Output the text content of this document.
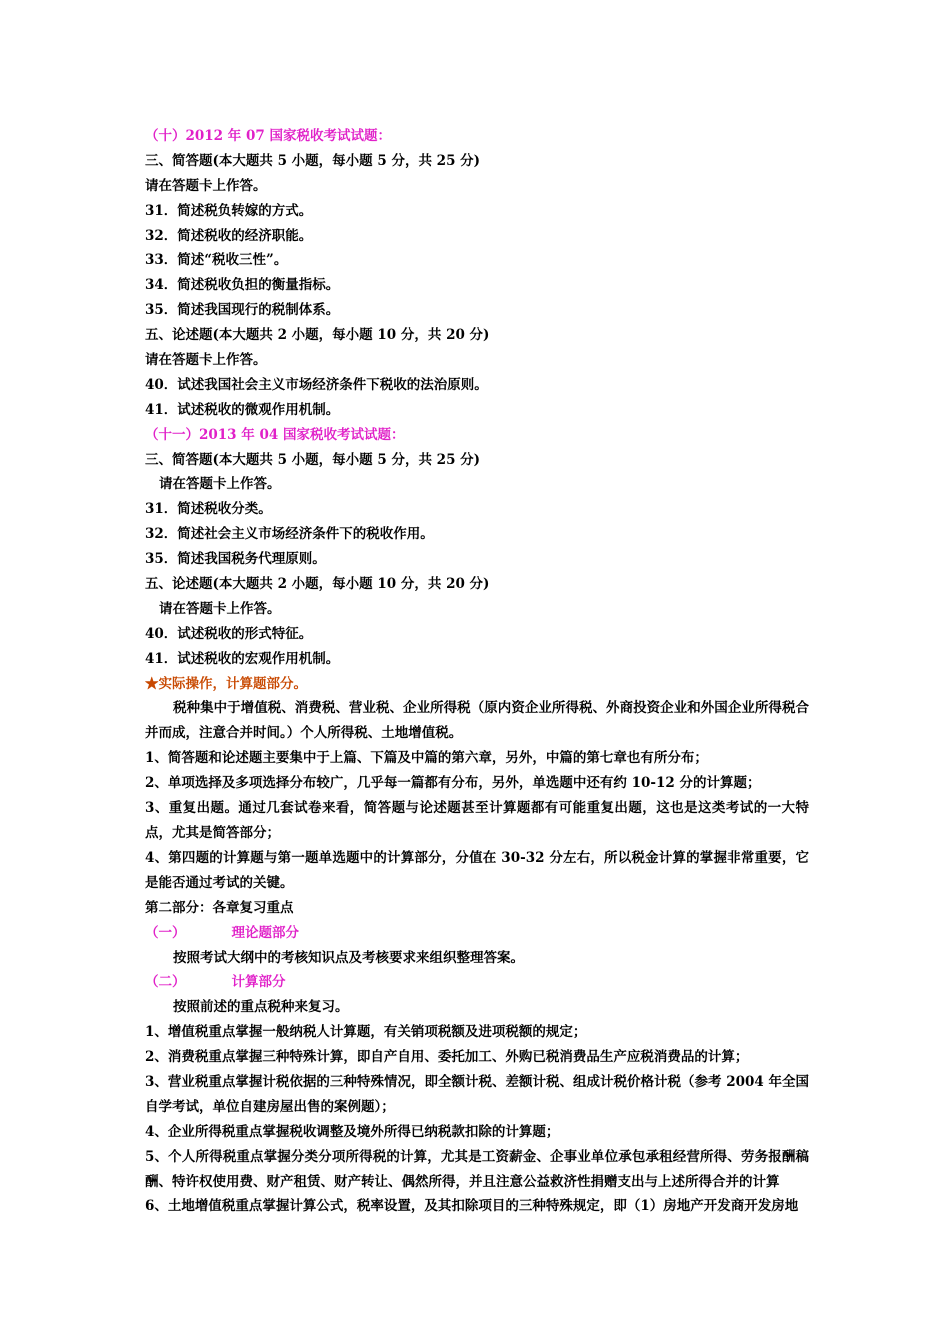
（十）2012 年 07 国家税收考试试题：
三、简答题(本大题共 5 小题，每小题 5 分，共 25 分)
请在答题卡上作答。
31．简述税负转嫁的方式。
32．简述税收的经济职能。
33．简述“税收三性”。
34．简述税收负担的衡量指标。
35．简述我国现行的税制体系。
五、论述题(本大题共 2 小题，每小题 10 分，共 20 分)
请在答题卡上作答。
40．试述我国社会主义市场经济条件下税收的法治原则。
41．试述税收的微观作用机制。
（十一）2013 年 04 国家税收考试试题：
三、简答题(本大题共 5 小题，每小题 5 分，共 25 分)
请在答题卡上作答。
31．简述税收分类。
32．简述社会主义市场经济条件下的税收作用。
35．简述我国税务代理原则。
五、论述题(本大题共 2 小题，每小题 10 分，共 20 分)
请在答题卡上作答。
40．试述税收的形式特征。
41．试述税收的宏观作用机制。
★实际操作，计算题部分。
税种集中于增值税、消费税、营业税、企业所得税（原内资企业所得税、外商投资企业和外国企业所得税合并而成，注意合并时间。）个人所得税、土地增值税。
1、简答题和论述题主要集中于上篇、下篇及中篇的第六章，另外，中篇的第七章也有所分布；
2、单项选择及多项选择分布较广，几乎每一篇都有分布，另外，单选题中还有约 10-12 分的计算题；
3、重复出题。通过几套试卷来看，简答题与论述题甚至计算题都有可能重复出题，这也是这类考试的一大特点，尤其是简答部分；
4、第四题的计算题与第一题单选题中的计算部分，分值在 30-32 分左右，所以税金计算的掌握非常重要，它是能否通过考试的关键。
第二部分：各章复习重点
（一）	理论题部分
按照考试大纲中的考核知识点及考核要求来组织整理答案。
（二）	计算部分
按照前述的重点税种来复习。
1、增值税重点掌握一般纳税人计算题，有关销项税额及进项税额的规定；
2、消费税重点掌握三种特殊计算，即自产自用、委托加工、外购已税消费品生产应税消费品的计算；
3、营业税重点掌握计税依据的三种特殊情况，即全额计税、差额计税、组成计税价格计税（参考 2004 年全国自学考试，单位自建房屋出售的案例题）；
4、企业所得税重点掌握税收调整及境外所得已纳税款扣除的计算题；
5、个人所得税重点掌握分类分项所得税的计算，尤其是工资薪金、企事业单位承包承租经营所得、劳务报酬稿酬、特许权使用费、财产租赁、财产转让、偶然所得，并且注意公益救济性捐赠支出与上述所得合并的计算
6、土地增值税重点掌握计算公式，税率设置，及其扣除项目的三种特殊规定，即（1）房地产开发商开发房地
